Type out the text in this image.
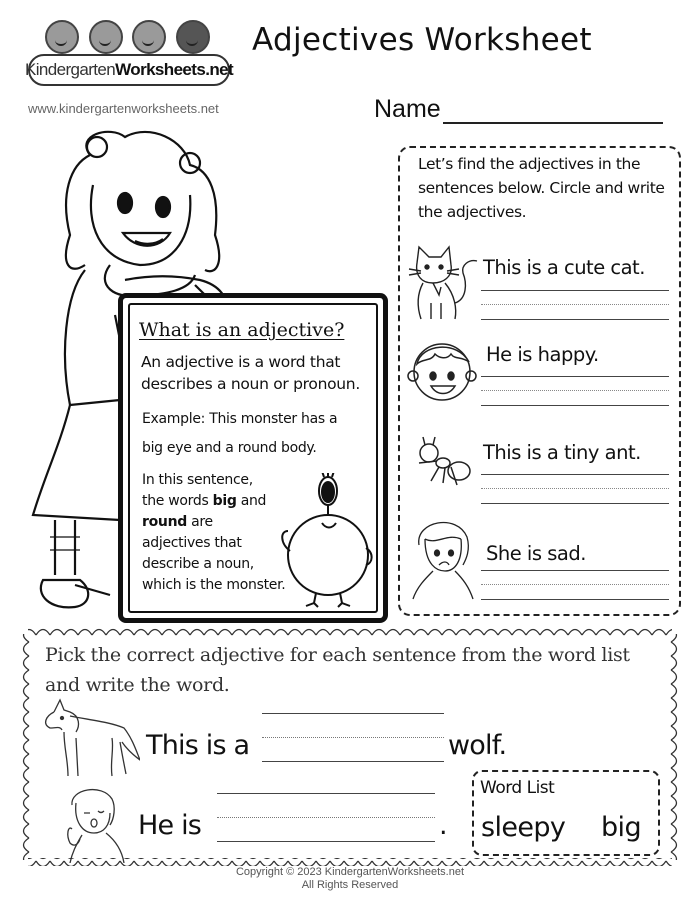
Kindergarten Worksheets.net
www.kindergartenworksheets.net
Adjectives Worksheet
Name
What is an adjective?
An adjective is a word that
describes a noun or pronoun.
Example: This monster has a
big eye and a round body.
In this sentence,
the words big and
round are
adjectives that
describe a noun,
which is the monster.
Let’s find the adjectives in the sentences below. Circle and write the adjectives.
This is a cute cat.
He is happy.
This is a tiny ant.
She is sad.
Pick the correct adjective for each sentence from the word list and write the word.
This is a	wolf.
He is	.
Word List
sleepy big
Copyright © 2023 KindergartenWorksheets.net
All Rights Reserved
